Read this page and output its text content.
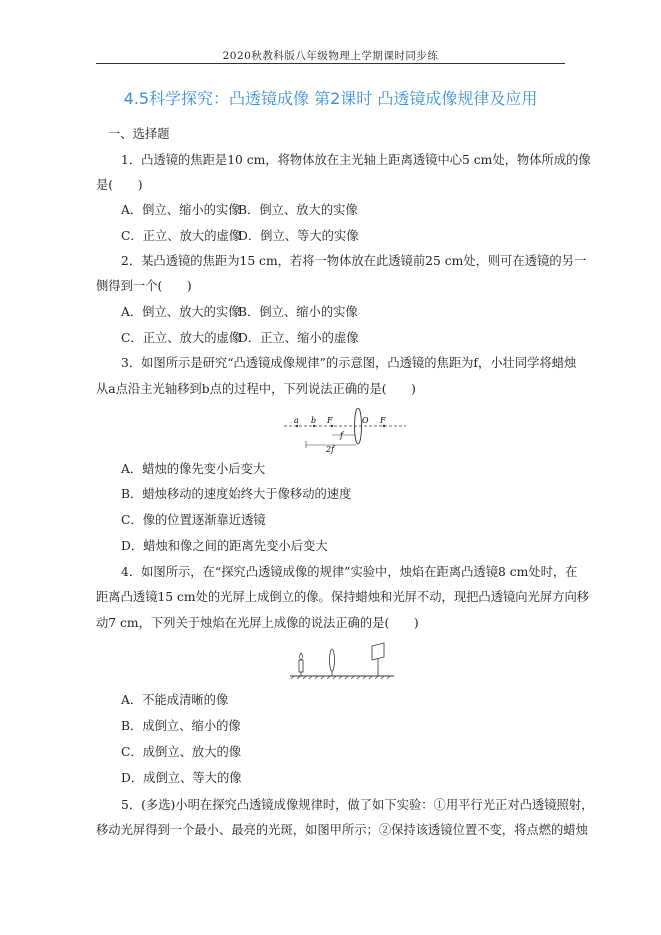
2020秋教科版八年级物理上学期课时同步练
4.5科学探究：凸透镜成像 第2课时 凸透镜成像规律及应用
一、选择题
1．凸透镜的焦距是10 cm，将物体放在主光轴上距离透镜中心5 cm处，物体所成的像
是(　　)
A．倒立、缩小的实像
B．倒立、放大的实像
C．正立、放大的虚像
D．倒立、等大的实像
2．某凸透镜的焦距为15 cm，若将一物体放在此透镜前25 cm处，则可在透镜的另一
侧得到一个(　　)
A．倒立、放大的实像
B．倒立、缩小的实像
C．正立、放大的虚像
D．正立、缩小的虚像
3．如图所示是研究“凸透镜成像规律”的示意图，凸透镜的焦距为f，小壮同学将蜡烛
从a点沿主光轴移到b点的过程中，下列说法正确的是(　　)
a b F	F
O
f
2f
A．蜡烛的像先变小后变大
B．蜡烛移动的速度始终大于像移动的速度
C．像的位置逐渐靠近透镜
D．蜡烛和像之间的距离先变小后变大
4．如图所示，在“探究凸透镜成像的规律”实验中，烛焰在距离凸透镜8 cm处时，在
距离凸透镜15 cm处的光屏上成倒立的像。保持蜡烛和光屏不动，现把凸透镜向光屏方向移
动7 cm，下列关于烛焰在光屏上成像的说法正确的是(　　)
A．不能成清晰的像
B．成倒立、缩小的像
C．成倒立、放大的像
D．成倒立、等大的像
5．(多选)小明在探究凸透镜成像规律时，做了如下实验：①用平行光正对凸透镜照射，
移动光屏得到一个最小、最亮的光斑，如图甲所示；②保持该透镜位置不变，将点燃的蜡烛
